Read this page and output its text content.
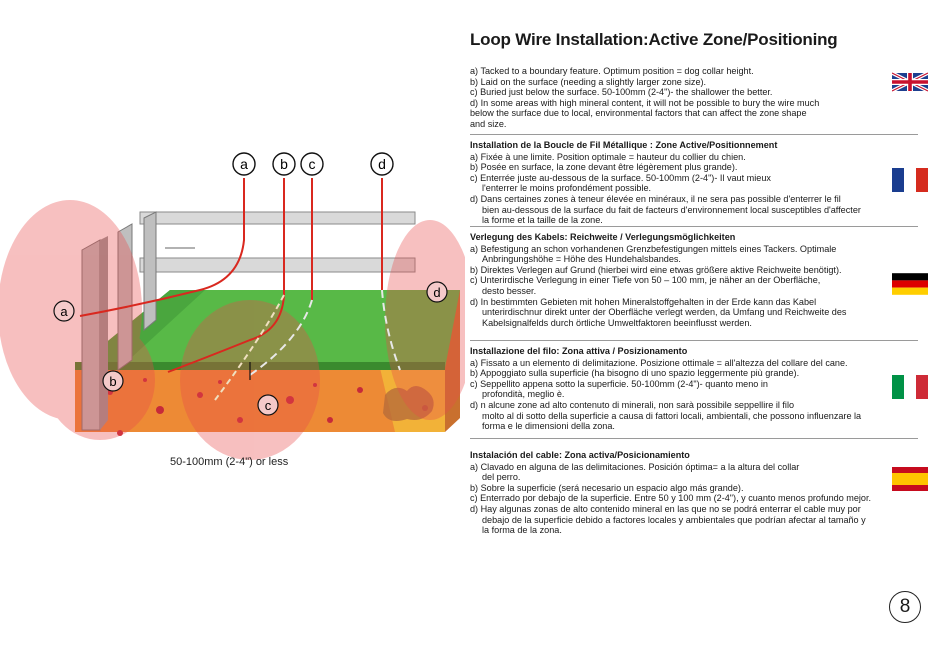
a b c	d
a
b
c
d
50-100mm (2-4") or less
Loop Wire Installation:Active Zone/Positioning

a) Tacked to a boundary feature. Optimum position = dog collar height.

b) Laid on the surface (needing a slightly larger zone size).

c) Buried just below the surface. 50-100mm (2-4")- the shallower the better.

d) In some areas with high mineral content, it will not be possible to bury the wire much

below the surface due to local, environmental factors that can affect the zone shape

and size.

Installation de la Boucle de Fil Métallique : Zone Active/Positionnement

a) Fixée à une limite. Position optimale = hauteur du collier du chien.

b) Posée en surface, la zone devant être légèrement plus grande).

c) Enterrée juste au-dessous de la surface. 50-100mm (2-4")- Il vaut mieux

l'enterrer le moins profondément possible.

d) Dans certaines zones à teneur élevée en minéraux, il ne sera pas possible d'enterrer le fil

bien au-dessous de la surface du fait de facteurs d'environnement local susceptibles d'affecter

la forme et la taille de la zone.

Verlegung des Kabels: Reichweite / Verlegungsmöglichkeiten

a) Befestigung an schon vorhandenen Grenzbefestigungen mittels eines Tackers. Optimale

Anbringungshöhe = Höhe des Hundehalsbandes.

b) Direktes Verlegen auf Grund (hierbei wird eine etwas größere aktive Reichweite benötigt).

c) Unterirdische Verlegung in einer Tiefe von 50 – 100 mm, je näher an der Oberfläche,

desto besser.

d) In bestimmten Gebieten mit hohen Mineralstoffgehalten in der Erde kann das Kabel

unterirdischnur direkt unter der Oberfläche verlegt werden, da Umfang und Reichweite des

Kabelsignalfelds durch örtliche Umweltfaktoren beeinflusst werden.

Installazione del filo: Zona attiva / Posizionamento

a) Fissato a un elemento di delimitazione. Posizione ottimale = all'altezza del collare del cane.

b) Appoggiato sulla superficie (ha bisogno di uno spazio leggermente più grande).

c) Seppellito appena sotto la superficie. 50-100mm (2-4")- quanto meno in

profondità, meglio è.

d) n alcune zone ad alto contenuto di minerali, non sarà possibile seppellire il filo

molto al di sotto della superficie a causa di fattori locali, ambientali, che possono influenzare la

forma e le dimensioni della zona.

Instalación del cable: Zona activa/Posicionamiento

a) Clavado en alguna de las delimitaciones. Posición óptima= a la altura del collar

del perro.

b) Sobre la superficie (será necesario un espacio algo más grande).

c) Enterrado por debajo de la superficie. Entre 50 y 100 mm (2-4"), y cuanto menos profundo mejor.

d) Hay algunas zonas de alto contenido mineral en las que no se podrá enterrar el cable muy por

debajo de la superficie debido a factores locales y ambientales que podrían afectar al tamaño y

la forma de la zona.

8
